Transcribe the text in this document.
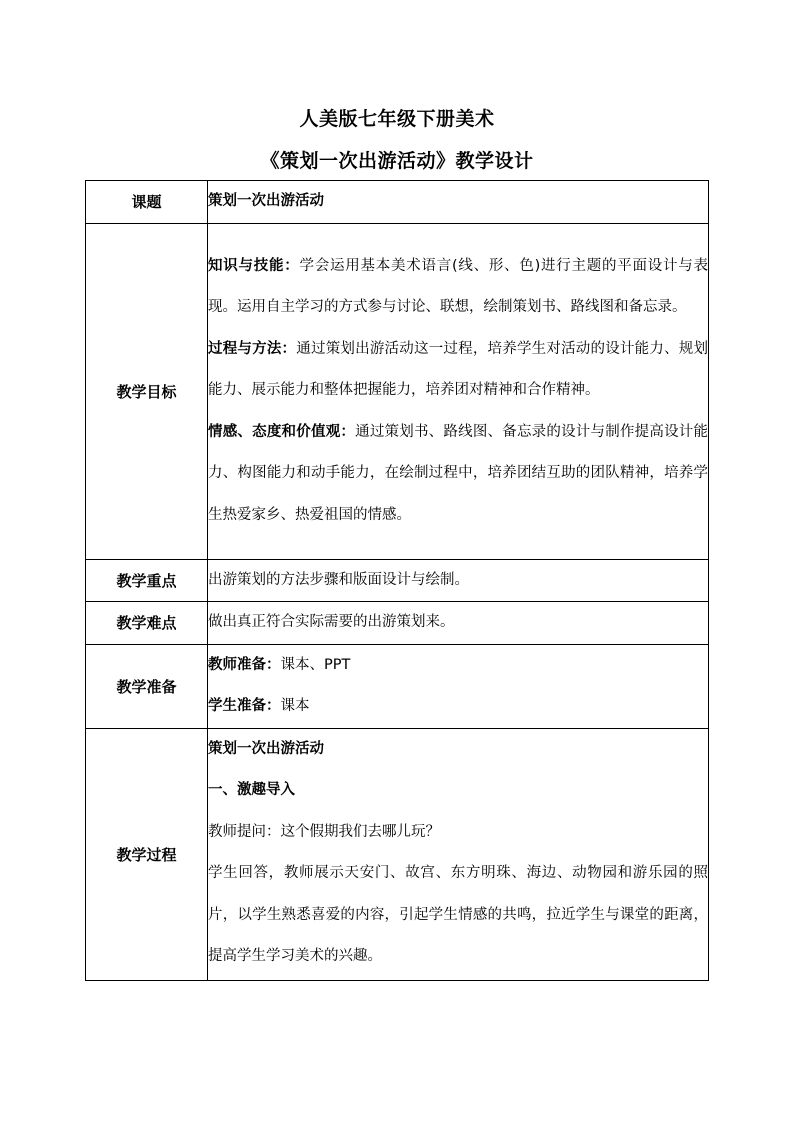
人美版七年级下册美术
《策划一次出游活动》教学设计
课题	策划一次出游活动
教学目标	知识与技能：学会运用基本美术语言(线、形、色)进行主题的平面设计与表现。运用自主学习的方式参与讨论、联想，绘制策划书、路线图和备忘录。

过程与方法：通过策划出游活动这一过程，培养学生对活动的设计能力、规划能力、展示能力和整体把握能力，培养团对精神和合作精神。

情感、态度和价值观：通过策划书、路线图、备忘录的设计与制作提高设计能力、构图能力和动手能力，在绘制过程中，培养团结互助的团队精神，培养学生热爱家乡、热爱祖国的情感。

教学重点	出游策划的方法步骤和版面设计与绘制。
教学难点	做出真正符合实际需要的出游策划来。
教学准备	教师准备：课本、PPT

学生准备：课本

教学过程	策划一次出游活动

一、激趣导入

教师提问：这个假期我们去哪儿玩？

学生回答，教师展示天安门、故宫、东方明珠、海边、动物园和游乐园的照片，以学生熟悉喜爱的内容，引起学生情感的共鸣，拉近学生与课堂的距离，提高学生学习美术的兴趣。
